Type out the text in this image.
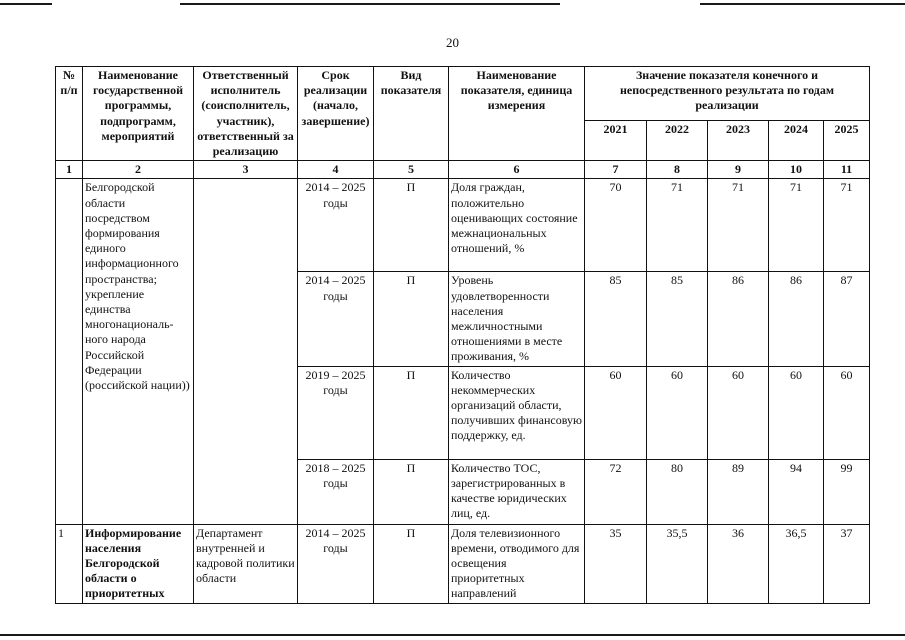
20
№ п/п	Наименование государственной программы, подпрограмм, мероприятий	Ответственный исполнитель (соисполнитель, участник), ответственный за реализацию	Срок реализации (начало, завершение)	Вид показателя	Наименование показателя, единица измерения	Значение показателя конечного и непосредственного результата по годам реализации				
						2021	2022	2023	2024	2025
1	2	3	4	5	6	7	8	9	10	11
	Белгородской области посредством формирования единого информационного пространства; укрепление единства многонациональ-ного народа Российской Федерации (российской нации))		2014 – 2025 годы	П	Доля граждан, положительно оценивающих состояние межнациональных отношений, %	70	71	71	71	71
			2014 – 2025 годы	П	Уровень удовлетворенности населения межличностными отношениями в месте проживания, %	85	85	86	86	87
			2019 – 2025 годы	П	Количество некоммерческих организаций области, получивших финансовую поддержку, ед.	60	60	60	60	60
			2018 – 2025 годы	П	Количество ТОС, зарегистрированных в качестве юридических лиц, ед.	72	80	89	94	99
1	Информирование населения Белгородской области о приоритетных	Департамент внутренней и кадровой политики области	2014 – 2025 годы	П	Доля телевизионного времени, отводимого для освещения приоритетных направлений	35	35,5	36	36,5	37
